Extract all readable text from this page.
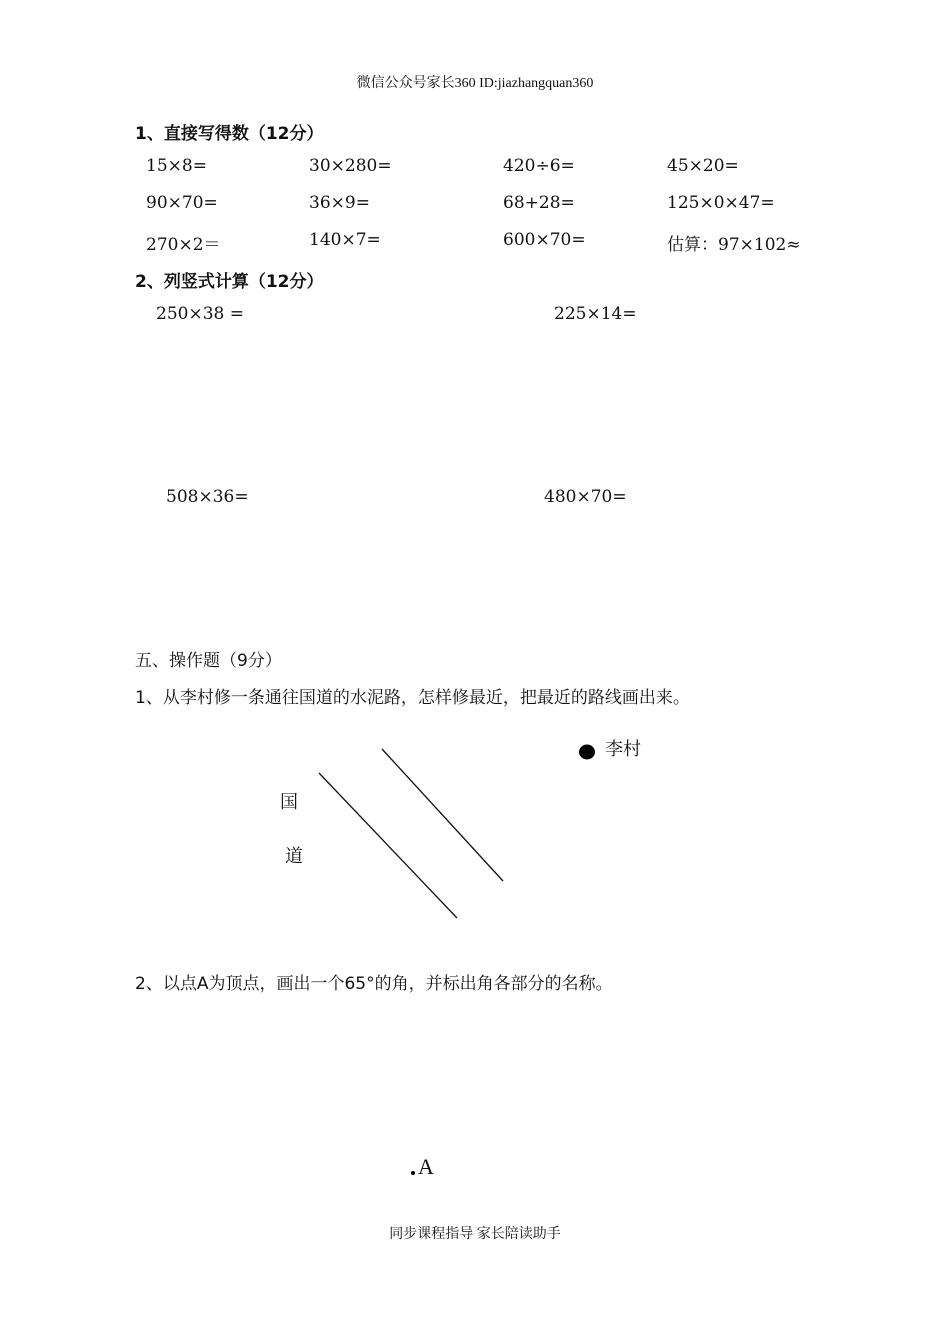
微信公众号家长360 ID:jiazhangquan360
1、直接写得数（12分）
15×8=	30×280=	420÷6=	45×20=
90×70=	36×9=	68+28=	125×0×47=
270×2＝	140×7=	600×70=	估算：97×102≈
2、列竖式计算（12分）
250×38 =	225×14=
508×36=	480×70=
五、操作题（9分）
1、从李村修一条通往国道的水泥路，怎样修最近，把最近的路线画出来。
李村
国
道
2、以点A为顶点，画出一个65°的角，并标出角各部分的名称。
A
同步课程指导 家长陪读助手
